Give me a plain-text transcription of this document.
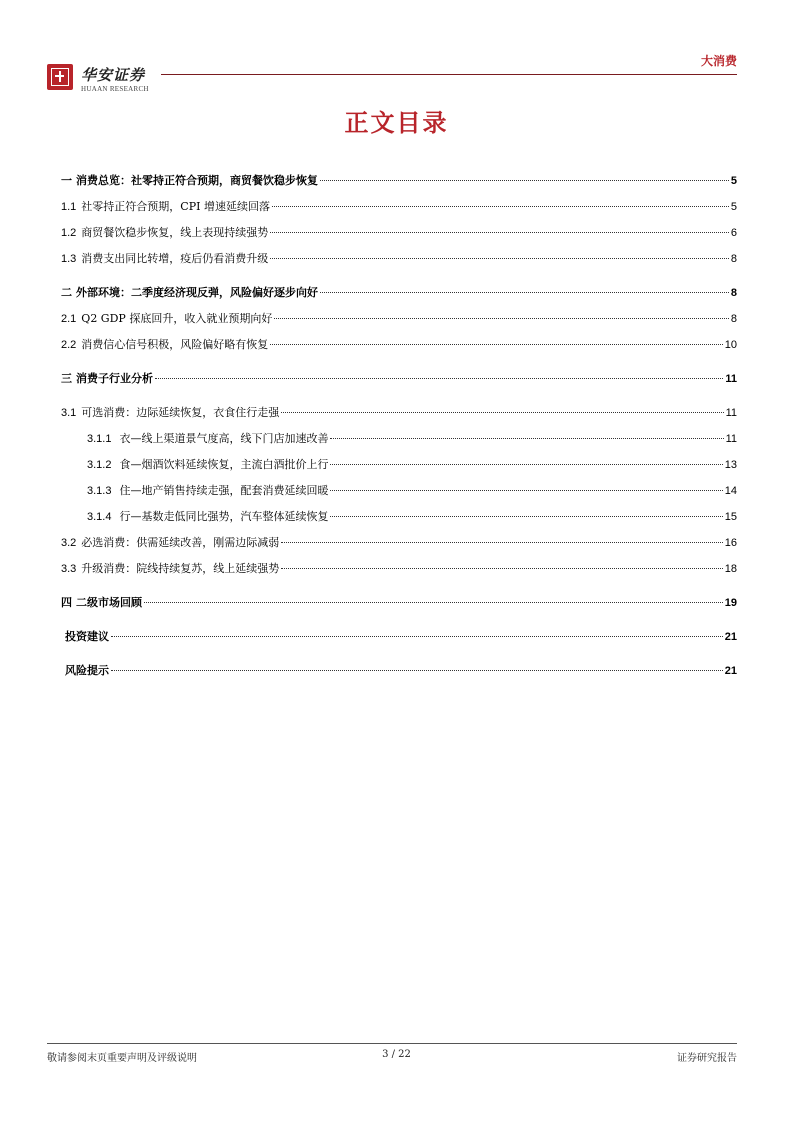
华安证券
HUAAN RESEARCH
大消费
正文目录
一 消费总览：社零持正符合预期，商贸餐饮稳步恢复	5
1.1 社零持正符合预期，CPI 增速延续回落	5
1.2 商贸餐饮稳步恢复，线上表现持续强势	6
1.3 消费支出同比转增，疫后仍看消费升级	8
二 外部环境：二季度经济现反弹，风险偏好逐步向好	8
2.1 Q2 GDP 探底回升，收入就业预期向好	8
2.2 消费信心信号积极，风险偏好略有恢复	10
三 消费子行业分析	11
3.1 可选消费：边际延续恢复，衣食住行走强	11
3.1.1 衣—线上渠道景气度高，线下门店加速改善	11
3.1.2 食—烟酒饮料延续恢复，主流白酒批价上行	13
3.1.3 住—地产销售持续走强，配套消费延续回暖	14
3.1.4 行—基数走低同比强势，汽车整体延续恢复	15
3.2 必选消费：供需延续改善，刚需边际减弱	16
3.3 升级消费：院线持续复苏，线上延续强势	18
四 二级市场回顾	19
投资建议	21
风险提示	21
敬请参阅末页重要声明及评级说明	3 / 22	证券研究报告
